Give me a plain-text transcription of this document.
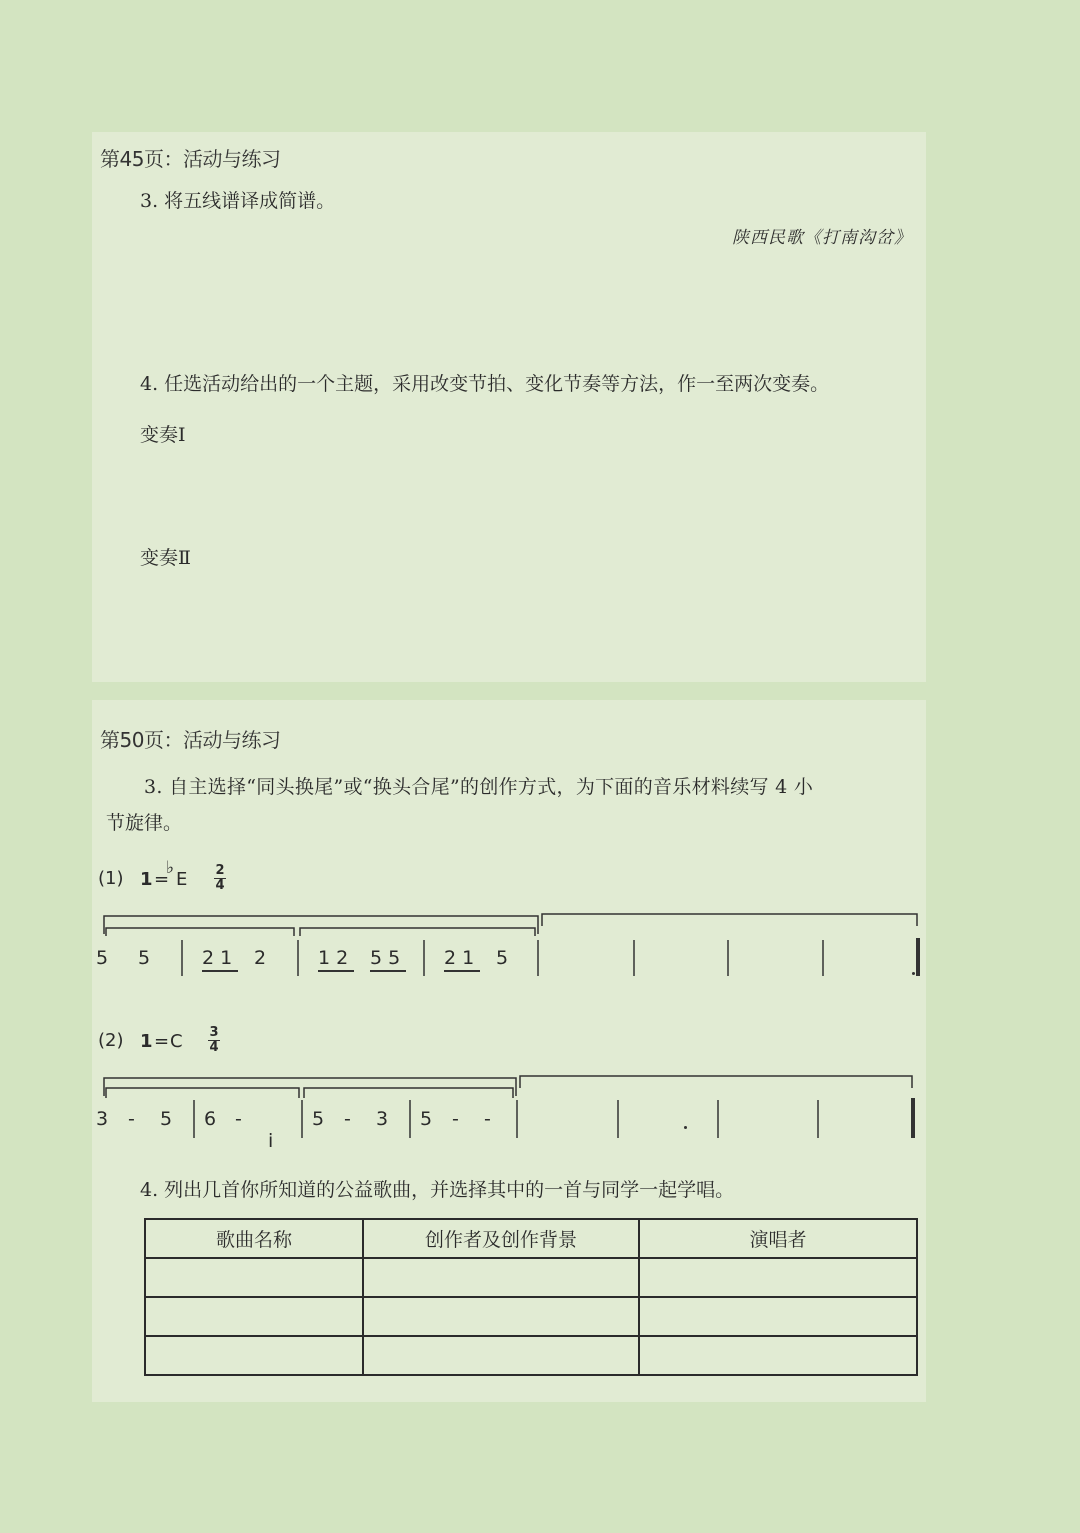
第45页：活动与练习
3. 将五线谱译成简谱。
陕西民歌《打南沟岔》
4. 任选活动给出的一个主题，采用改变节拍、变化节奏等方法，作一至两次变奏。
变奏Ⅰ
变奏Ⅱ
第50页：活动与练习
3. 自主选择“同头换尾”或“换头合尾”的创作方式，为下面的音乐材料续写 4 小
节旋律。
(1) 1 =
♭
E 2
4
5 5	21 2	12 55 21 5
(2) 1 = C 3
4
3 - 5 6 -
i
5 - 3 5 - -
4. 列出几首你所知道的公益歌曲，并选择其中的一首与同学一起学唱。
歌曲名称	创作者及创作背景	演唱者
